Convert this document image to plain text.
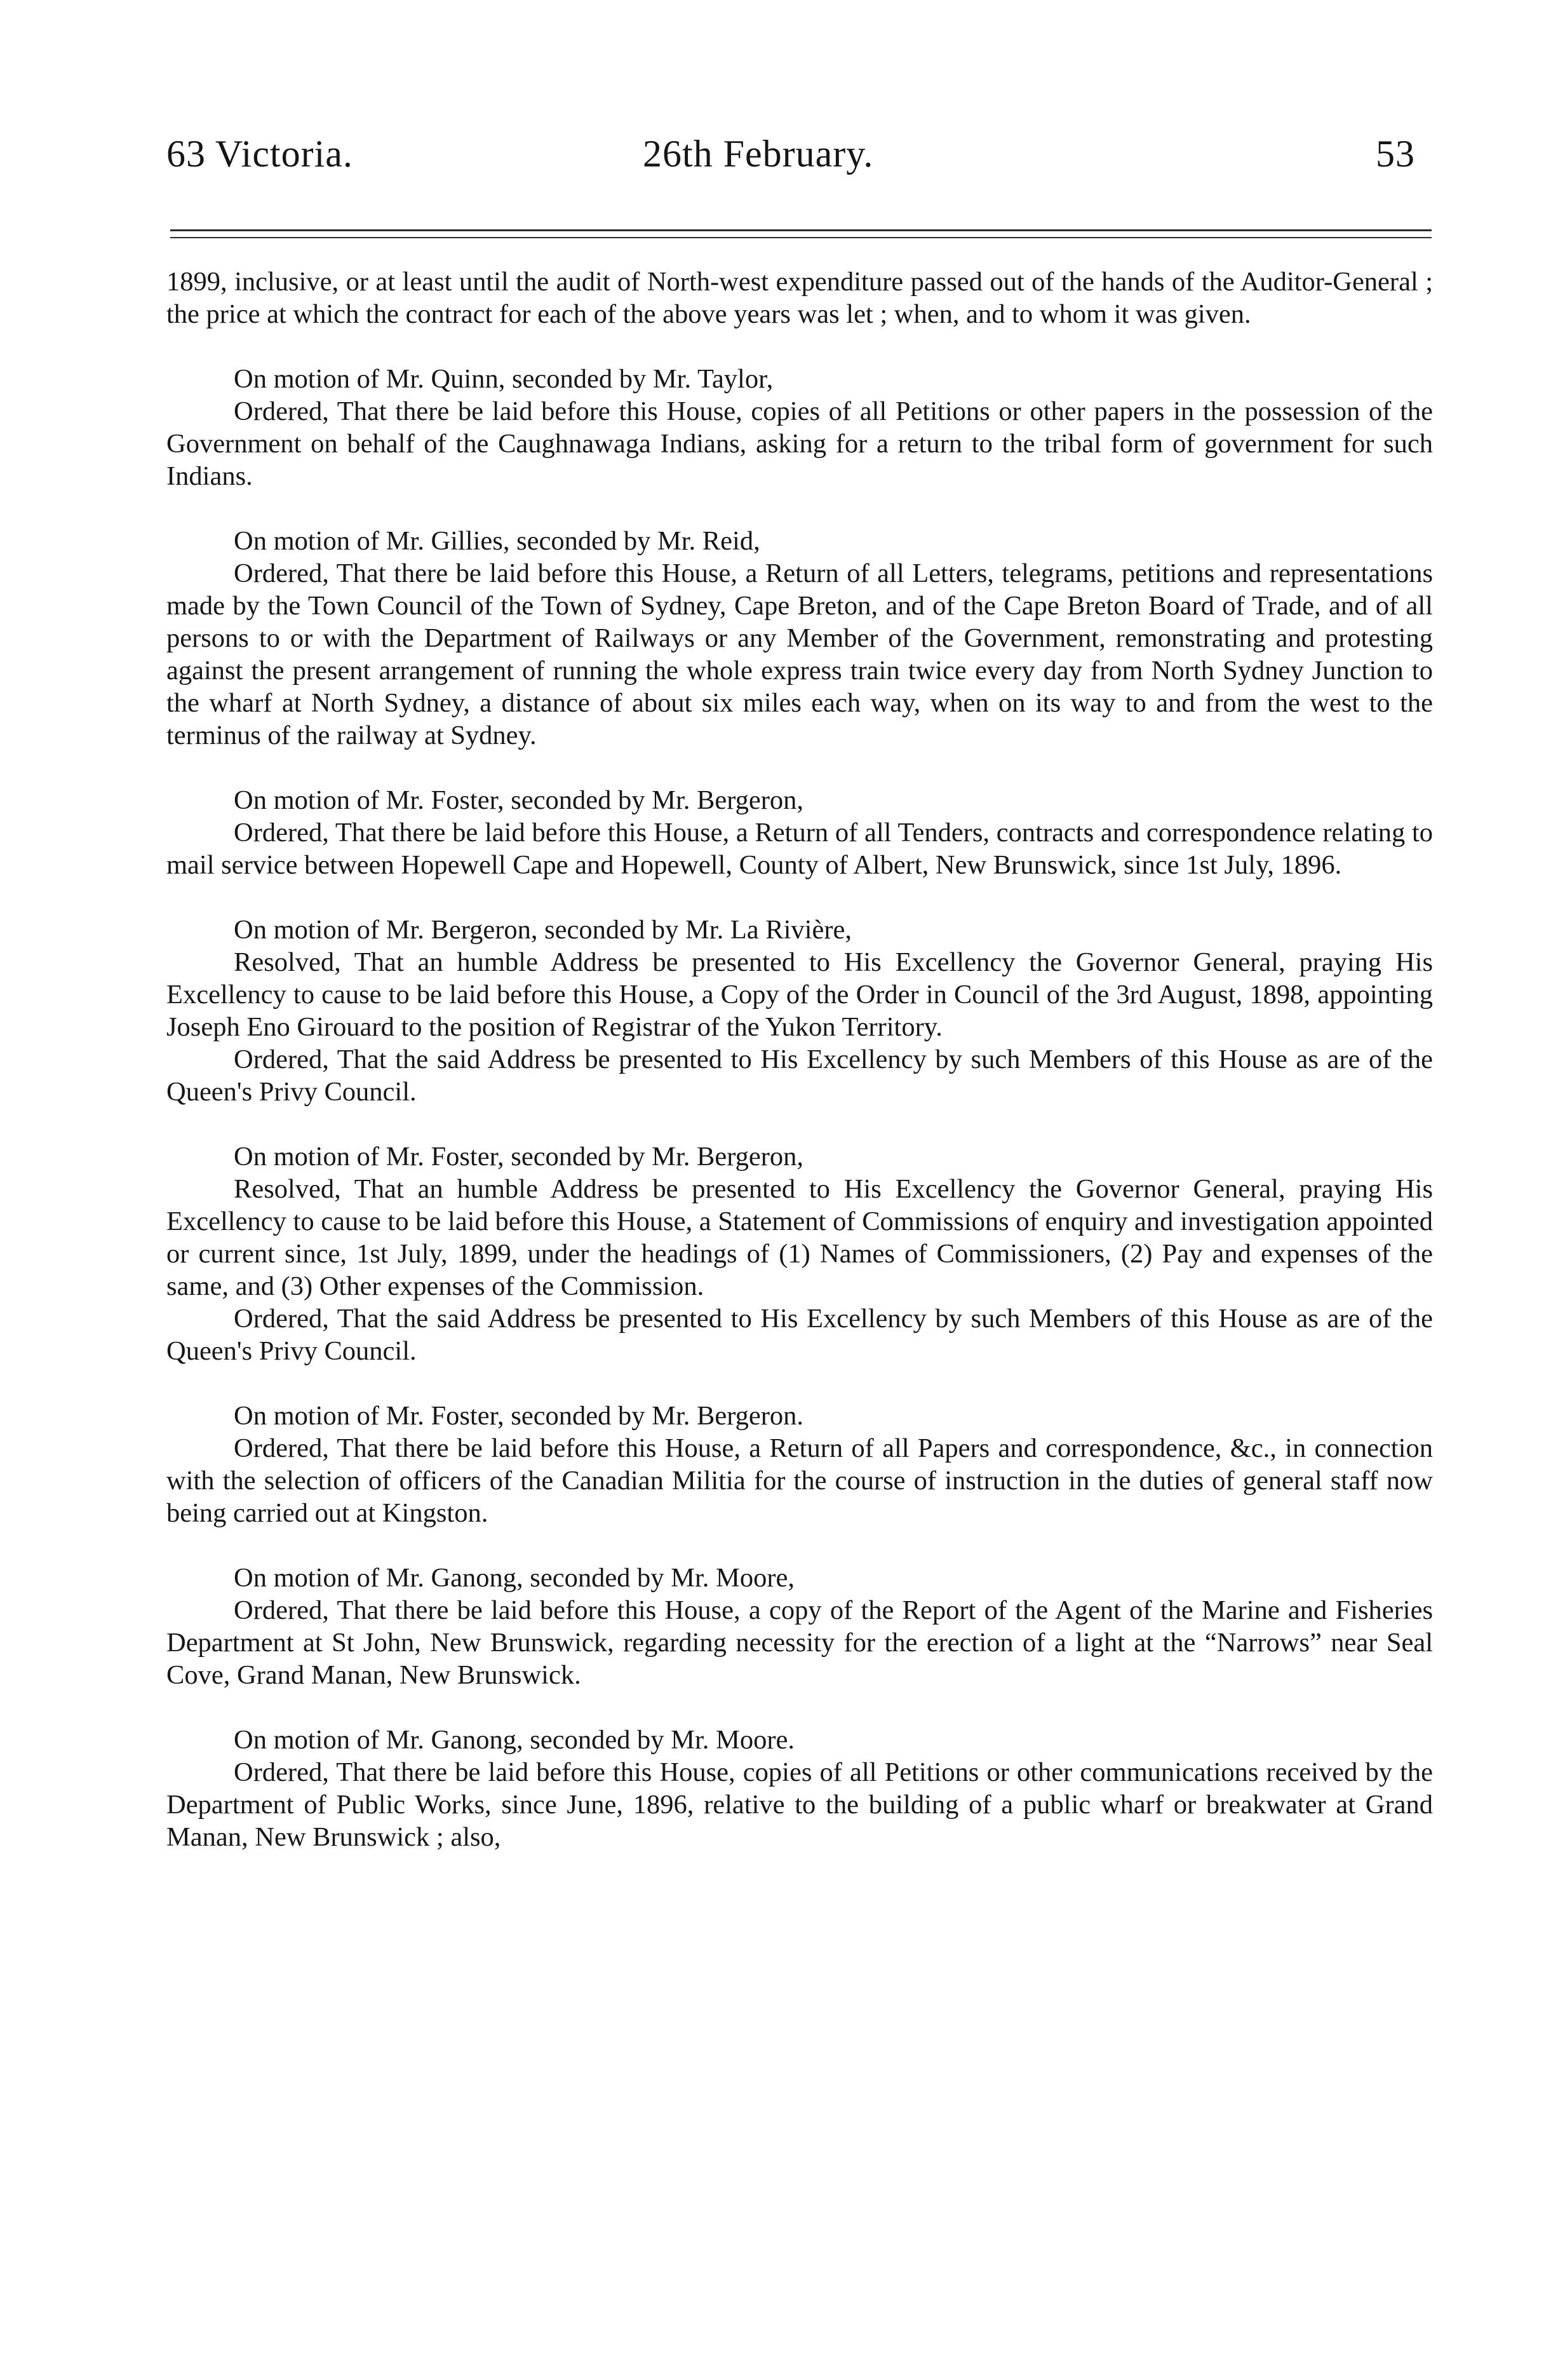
63 Victoria.	26th February.	53

1899, inclusive, or at least until the audit of North-west expenditure passed out of the hands of the Auditor-General ; the price at which the contract for each of the above years was let ; when, and to whom it was given.

On motion of Mr. Quinn, seconded by Mr. Taylor,

Ordered, That there be laid before this House, copies of all Petitions or other papers in the possession of the Government on behalf of the Caughnawaga Indians, asking for a return to the tribal form of government for such Indians.

On motion of Mr. Gillies, seconded by Mr. Reid,

Ordered, That there be laid before this House, a Return of all Letters, telegrams, petitions and representations made by the Town Council of the Town of Sydney, Cape Breton, and of the Cape Breton Board of Trade, and of all persons to or with the Department of Railways or any Member of the Government, remonstrating and protesting against the present arrangement of running the whole express train twice every day from North Sydney Junction to the wharf at North Sydney, a distance of about six miles each way, when on its way to and from the west to the terminus of the railway at Sydney.

On motion of Mr. Foster, seconded by Mr. Bergeron,

Ordered, That there be laid before this House, a Return of all Tenders, contracts and correspondence relating to mail service between Hopewell Cape and Hopewell, County of Albert, New Brunswick, since 1st July, 1896.

On motion of Mr. Bergeron, seconded by Mr. La Rivière,

Resolved, That an humble Address be presented to His Excellency the Governor General, praying His Excellency to cause to be laid before this House, a Copy of the Order in Council of the 3rd August, 1898, appointing Joseph Eno Girouard to the position of Registrar of the Yukon Territory.

Ordered, That the said Address be presented to His Excellency by such Members of this House as are of the Queen's Privy Council.

On motion of Mr. Foster, seconded by Mr. Bergeron,

Resolved, That an humble Address be presented to His Excellency the Governor General, praying His Excellency to cause to be laid before this House, a Statement of Commissions of enquiry and investigation appointed or current since, 1st July, 1899, under the headings of (1) Names of Commissioners, (2) Pay and expenses of the same, and (3) Other expenses of the Commission.

Ordered, That the said Address be presented to His Excellency by such Members of this House as are of the Queen's Privy Council.

On motion of Mr. Foster, seconded by Mr. Bergeron.

Ordered, That there be laid before this House, a Return of all Papers and correspondence, &c., in connection with the selection of officers of the Canadian Militia for the course of instruction in the duties of general staff now being carried out at Kingston.

On motion of Mr. Ganong, seconded by Mr. Moore,

Ordered, That there be laid before this House, a copy of the Report of the Agent of the Marine and Fisheries Department at St John, New Brunswick, regarding necessity for the erection of a light at the “Narrows” near Seal Cove, Grand Manan, New Brunswick.

On motion of Mr. Ganong, seconded by Mr. Moore.

Ordered, That there be laid before this House, copies of all Petitions or other communications received by the Department of Public Works, since June, 1896, relative to the building of a public wharf or breakwater at Grand Manan, New Brunswick ; also,
